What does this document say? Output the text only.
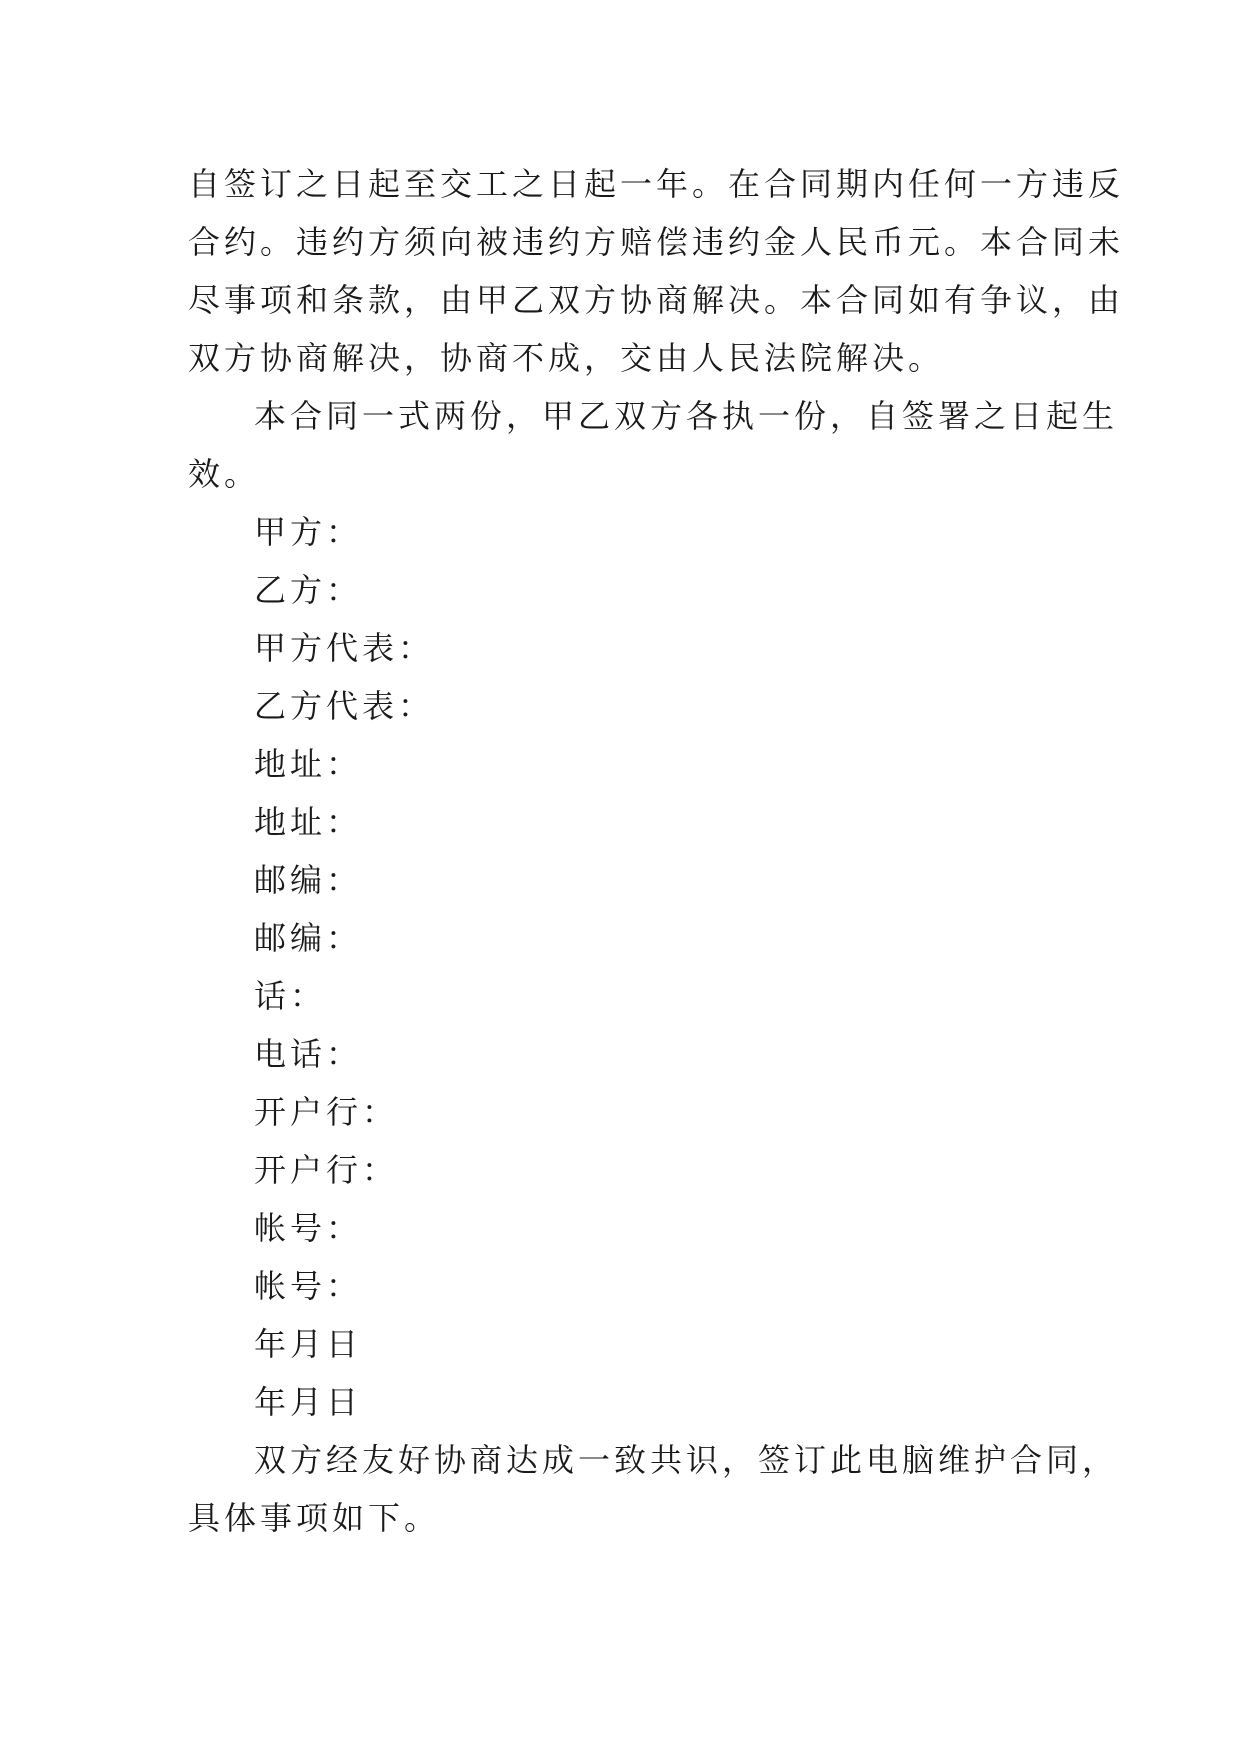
自签订之日起至交工之日起一年。在合同期内任何一方违反
合约。违约方须向被违约方赔偿违约金人民币元。本合同未
尽事项和条款，由甲乙双方协商解决。本合同如有争议，由
双方协商解决，协商不成，交由人民法院解决。
本合同一式两份，甲乙双方各执一份，自签署之日起生
效。
甲方：
乙方：
甲方代表：
乙方代表：
地址：
地址：
邮编：
邮编：
话：
电话：
开户行：
开户行：
帐号：
帐号：
年月日
年月日
双方经友好协商达成一致共识，签订此电脑维护合同，
具体事项如下。
